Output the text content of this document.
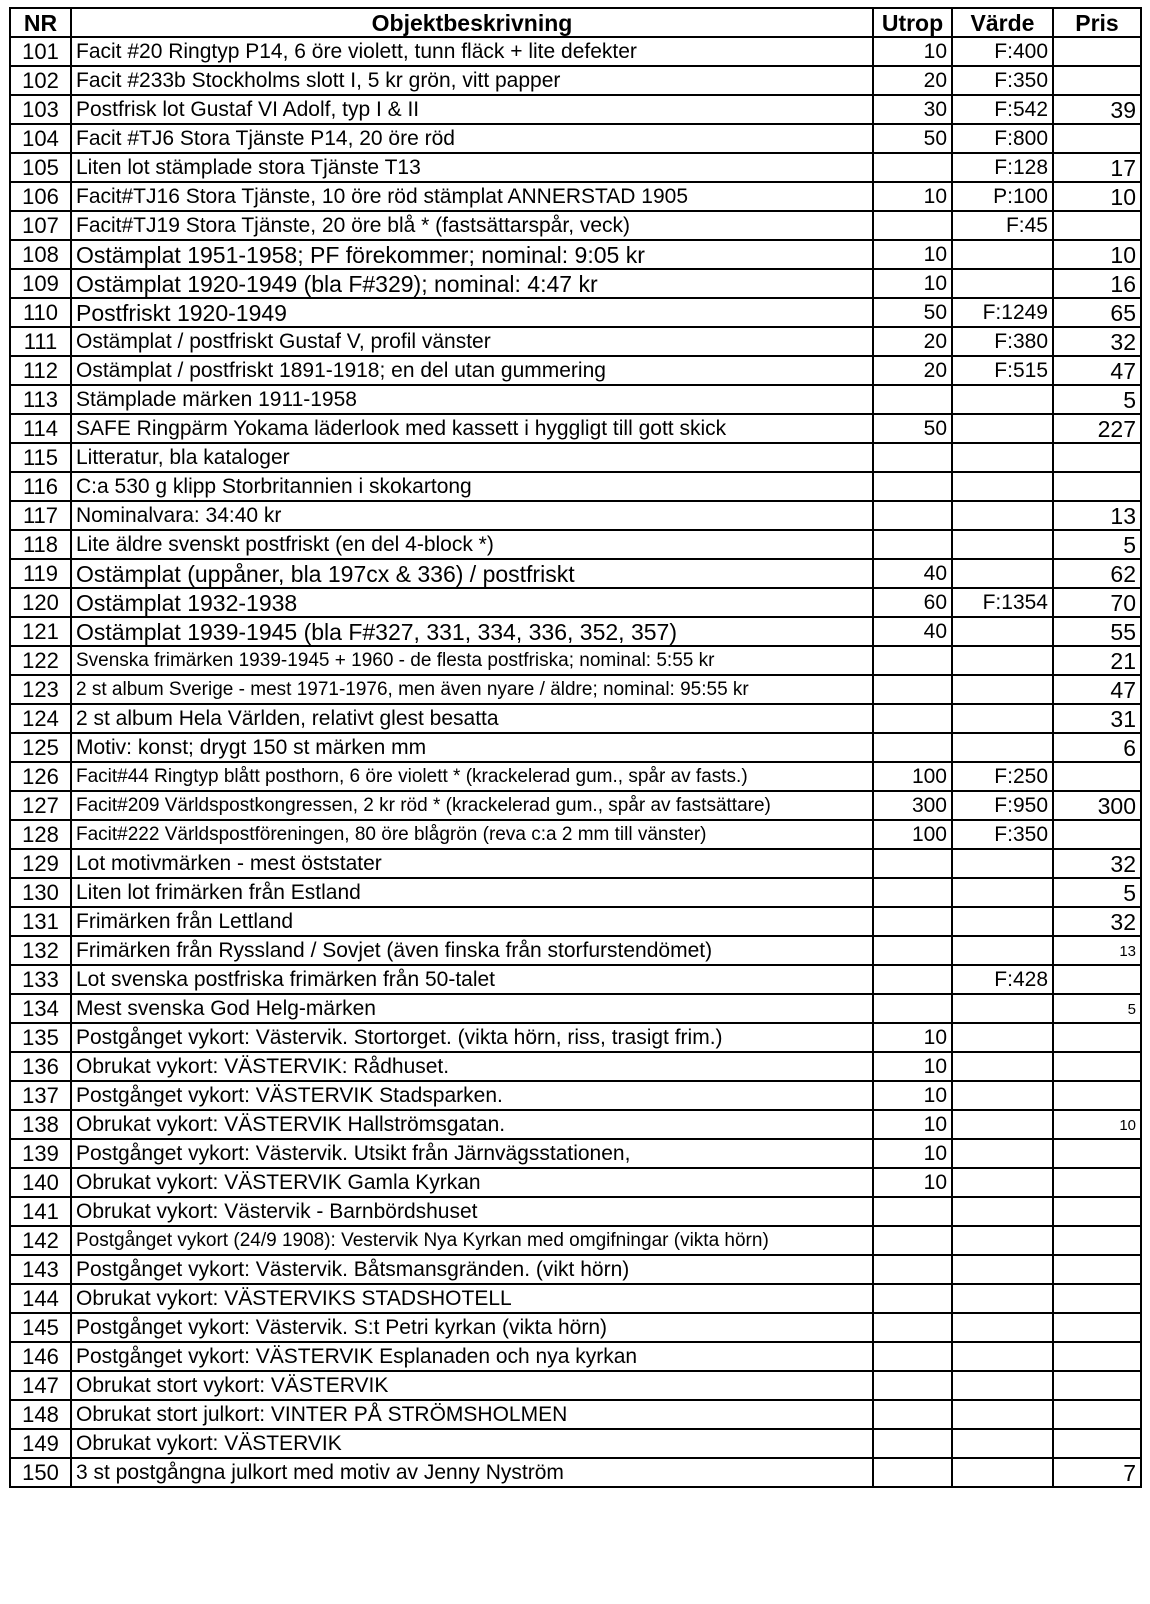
NR	Objektbeskrivning	Utrop	Värde	Pris
101	Facit #20 Ringtyp P14, 6 öre violett, tunn fläck + lite defekter	10	F:400	
102	Facit #233b Stockholms slott I, 5 kr grön, vitt papper	20	F:350	
103	Postfrisk lot Gustaf VI Adolf, typ I & II	30	F:542	39
104	Facit #TJ6 Stora Tjänste P14, 20 öre röd	50	F:800	
105	Liten lot stämplade stora Tjänste T13		F:128	17
106	Facit#TJ16 Stora Tjänste, 10 öre röd stämplat ANNERSTAD 1905	10	P:100	10
107	Facit#TJ19 Stora Tjänste, 20 öre blå * (fastsättarspår, veck)		F:45	
108	Ostämplat 1951-1958; PF förekommer; nominal: 9:05 kr	10		10
109	Ostämplat 1920-1949 (bla F#329); nominal: 4:47 kr	10		16
110	Postfriskt 1920-1949	50	F:1249	65
111	Ostämplat / postfriskt Gustaf V, profil vänster	20	F:380	32
112	Ostämplat / postfriskt 1891-1918; en del utan gummering	20	F:515	47
113	Stämplade märken 1911-1958			5
114	SAFE Ringpärm Yokama läderlook med kassett i hyggligt till gott skick	50		227
115	Litteratur, bla kataloger			
116	C:a 530 g klipp Storbritannien i skokartong			
117	Nominalvara: 34:40 kr			13
118	Lite äldre svenskt postfriskt (en del 4-block *)			5
119	Ostämplat (uppåner, bla 197cx & 336) / postfriskt	40		62
120	Ostämplat 1932-1938	60	F:1354	70
121	Ostämplat 1939-1945 (bla F#327, 331, 334, 336, 352, 357)	40		55
122	Svenska frimärken 1939-1945 + 1960 - de flesta postfriska; nominal: 5:55 kr			21
123	2 st album Sverige - mest 1971-1976, men även nyare / äldre; nominal: 95:55 kr			47
124	2 st album Hela Världen, relativt glest besatta			31
125	Motiv: konst; drygt 150 st märken mm			6
126	Facit#44 Ringtyp blått posthorn, 6 öre violett * (krackelerad gum., spår av fasts.)	100	F:250	
127	Facit#209 Världspostkongressen, 2 kr röd * (krackelerad gum., spår av fastsättare)	300	F:950	300
128	Facit#222 Världspostföreningen, 80 öre blågrön (reva c:a 2 mm till vänster)	100	F:350	
129	Lot motivmärken - mest öststater			32
130	Liten lot frimärken från Estland			5
131	Frimärken från Lettland			32
132	Frimärken från Ryssland / Sovjet (även finska från storfurstendömet)			13
133	Lot svenska postfriska frimärken från 50-talet		F:428	
134	Mest svenska God Helg-märken			5
135	Postgånget vykort: Västervik. Stortorget. (vikta hörn, riss, trasigt frim.)	10		
136	Obrukat vykort: VÄSTERVIK: Rådhuset.	10		
137	Postgånget vykort: VÄSTERVIK Stadsparken.	10		
138	Obrukat vykort: VÄSTERVIK Hallströmsgatan.	10		10
139	Postgånget vykort: Västervik. Utsikt från Järnvägsstationen,	10		
140	Obrukat vykort: VÄSTERVIK Gamla Kyrkan	10		
141	Obrukat vykort: Västervik - Barnbördshuset			
142	Postgånget vykort (24/9 1908): Vestervik Nya Kyrkan med omgifningar (vikta hörn)			
143	Postgånget vykort: Västervik. Båtsmansgränden. (vikt hörn)			
144	Obrukat vykort: VÄSTERVIKS STADSHOTELL			
145	Postgånget vykort: Västervik. S:t Petri kyrkan (vikta hörn)			
146	Postgånget vykort: VÄSTERVIK Esplanaden och nya kyrkan			
147	Obrukat stort vykort: VÄSTERVIK			
148	Obrukat stort julkort: VINTER PÅ STRÖMSHOLMEN			
149	Obrukat vykort: VÄSTERVIK			
150	3 st postgångna julkort med motiv av Jenny Nyström			7
